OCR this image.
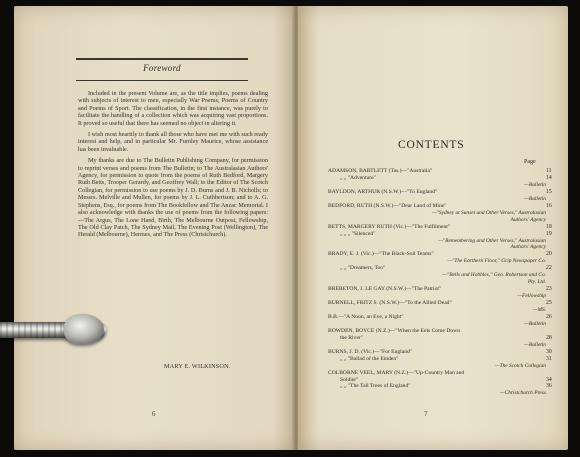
Foreword

Included in the present Volume are, as the title implies, poems dealing with subjects of interest to men, especially War Poems, Poems of Country and Poems of Sport. The classification, in the first instance, was purely to facilitate the handling of a collection which was acquiring vast proportions. It proved so useful that there has seemed no object in altering it.

I wish most heartily to thank all those who have met me with such ready interest and help, and in particular Mr. Furnley Maurice, whose assistance has been invaluable.

My thanks are due to The Bulletin Publishing Company, for permission to reprint verses and poems from The Bulletin; to The Australasian Authors' Agency, for permission to quote from the poems of Ruth Bedford, Margery Ruth Betts, Trooper Gerardy, and Geoffrey Wall; to the Editor of The Scotch Collegian, for permission to use poems by J. D. Burns and J. B. Nicholls; to Messrs. Melville and Mullen, for poems by J. L. Cuthbertson; and to A. G. Stephens, Esq., for poems from The Bookfellow and The Anzac Memorial. I also acknowledge with thanks the use of poems from the following papers:—The Argus, The Lone Hand, Birth, The Melbourne Outpost, Fellowship, The Old Clay Patch, The Sydney Mail, The Evening Post (Wellington), The Herald (Melbourne), Hermes, and The Press (Christchurch).

MARY E. WILKINSON.
6
CONTENTS
Page
ADAMSON, BARTLETT (Tas.)—"Australia"	11
„ „ "Adventure"	14
—Bulletin
BAYLDON, ARTHUR (N.S.W.)—"To England"	15
—Bulletin
BEDFORD, RUTH (N.S.W.)—"Dear Land of Mine"	16
—"Sydney at Sunset and Other Verses," Australasian
Authors' Agency
BETTS, MARGERY RUTH (Vic.)—"The Fulfilment"	18
„ „ „ "Silenced"	19
—"Remembering and Other Verses," Australasian
Authors' Agency
BRADY, E. J. (Vic.)—"The Black-Soil Teams"	20
—"The Earthern Floor," Grip Newspaper Co.
„ „ "Dreamers, Too"	22
—"Bells and Hobbles," Geo. Robertson and Co.
Pty. Ltd.
BRERETON, J. LE GAY (N.S.W.)—"The Patriot"	23
—Fellowship
BURNELL, FRITZ S. (N.S.W.)—"To the Allied Dead"	25
—MS.
B.B.—"A Noon, an Eve, a Night"	26
—Bulletin
BOWDEN, BOYCE (N.Z.)—"When the Eels Come Down
the River"	28
—Bulletin
BURNS, J. D. (Vic.)—"For England"	30
„ „ "Ballad of the Emden"	31
—The Scotch Collegian
COLBORNE VEEL, MARY (N.Z.)—"Up-Country Man and
Soldier"	34
„ „ "The Tall Trees of England"	36
—Christchurch Press
7
